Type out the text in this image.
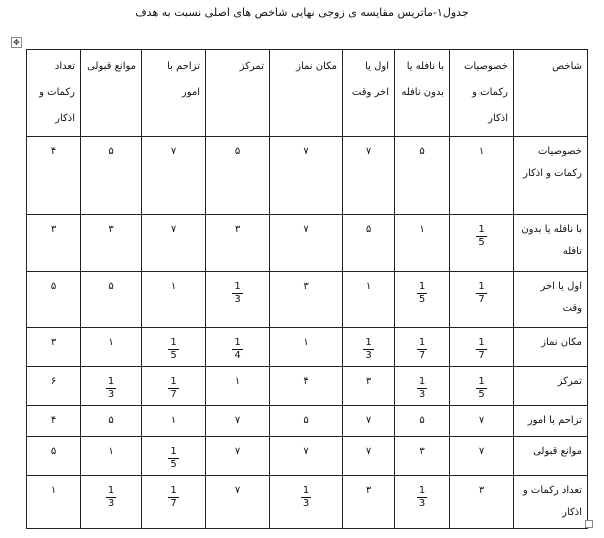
جدول۱-ماتریس مقایسه ی زوجی نهایی شاخص های اصلی نسبت به هدف
✥
شاخص	خصوصیات رکمات و اذکار	با نافله یا بدون نافله	اول یا اخر وقت	مکان نماز	تمرکز	تزاحم با امور	موانع قبولی	تعداد رکمات و اذکار
خصوصیات رکمات و اذکار	۱	۵	۷	۷	۵	۷	۵	۴
با نافله یا بدون نافله	$\frac{1}{5}$	۱	۵	۷	۳	۷	۳	۳
اول یا اخر وقت	$\frac{1}{7}$	$\frac{1}{5}$	۱	۳	$\frac{1}{3}$	۱	۵	۵
مکان نماز	$\frac{1}{7}$	$\frac{1}{7}$	$\frac{1}{3}$	۱	$\frac{1}{4}$	$\frac{1}{5}$	۱	۳
تمرکز	$\frac{1}{5}$	$\frac{1}{3}$	۳	۴	۱	$\frac{1}{7}$	$\frac{1}{3}$	۶
تزاحم با امور	۷	۵	۷	۵	۷	۱	۵	۴
موانع قبولی	۷	۳	۷	۷	۷	$\frac{1}{5}$	۱	۵
تعداد رکمات و اذکار	۳	$\frac{1}{3}$	۳	$\frac{1}{3}$	۷	$\frac{1}{7}$	$\frac{1}{3}$	۱
